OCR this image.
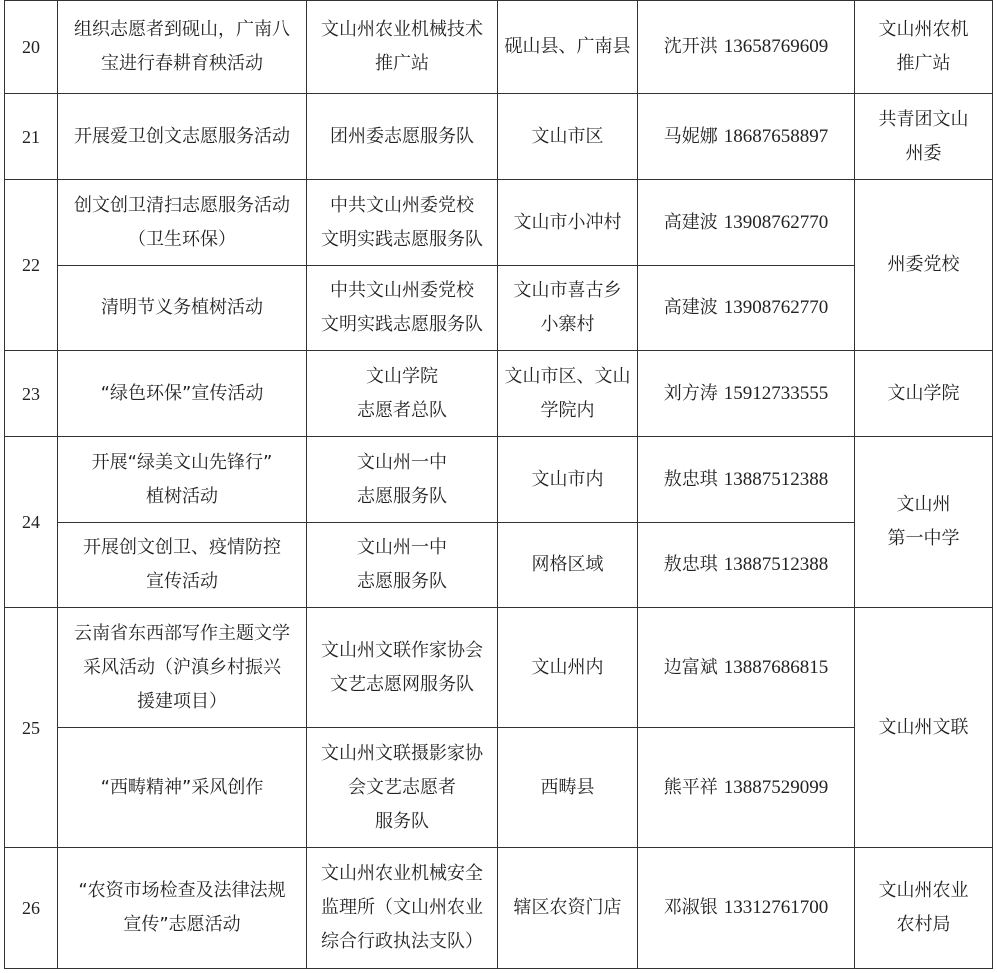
20	组织志愿者到砚山，广南八
宝进行春耕育秧活动	文山州农业机械技术
推广站	砚山县、广南县	沈开洪 13658769609	文山州农机
推广站

21	开展爱卫创文志愿服务活动	团州委志愿服务队	文山市区	马妮娜 18687658897	共青团文山
州委

22	创文创卫清扫志愿服务活动
（卫生环保）	中共文山州委党校
文明实践志愿服务队	文山市小冲村	高建波 13908762770	州委党校

	清明节义务植树活动	中共文山州委党校
文明实践志愿服务队	文山市喜古乡
小寨村	高建波 13908762770	
23	“绿色环保”宣传活动	文山学院
志愿者总队	文山市区、文山
学院内	刘方涛 15912733555	文山学院

24	开展“绿美文山先锋行”
植树活动	文山州一中
志愿服务队	文山市内	敖忠琪 13887512388	文山州
第一中学

	开展创文创卫、疫情防控
宣传活动	文山州一中
志愿服务队	网格区域	敖忠琪 13887512388	
25	云南省东西部写作主题文学
采风活动（沪滇乡村振兴
援建项目）	文山州文联作家协会
文艺志愿网服务队	文山州内	边富斌 13887686815	文山州文联

	“西畴精神”采风创作	文山州文联摄影家协
会文艺志愿者
服务队	西畴县	熊平祥 13887529099	
26	“农资市场检查及法律法规
宣传”志愿活动	文山州农业机械安全
监理所（文山州农业
综合行政执法支队）	辖区农资门店	邓淑银 13312761700	文山州农业
农村局
